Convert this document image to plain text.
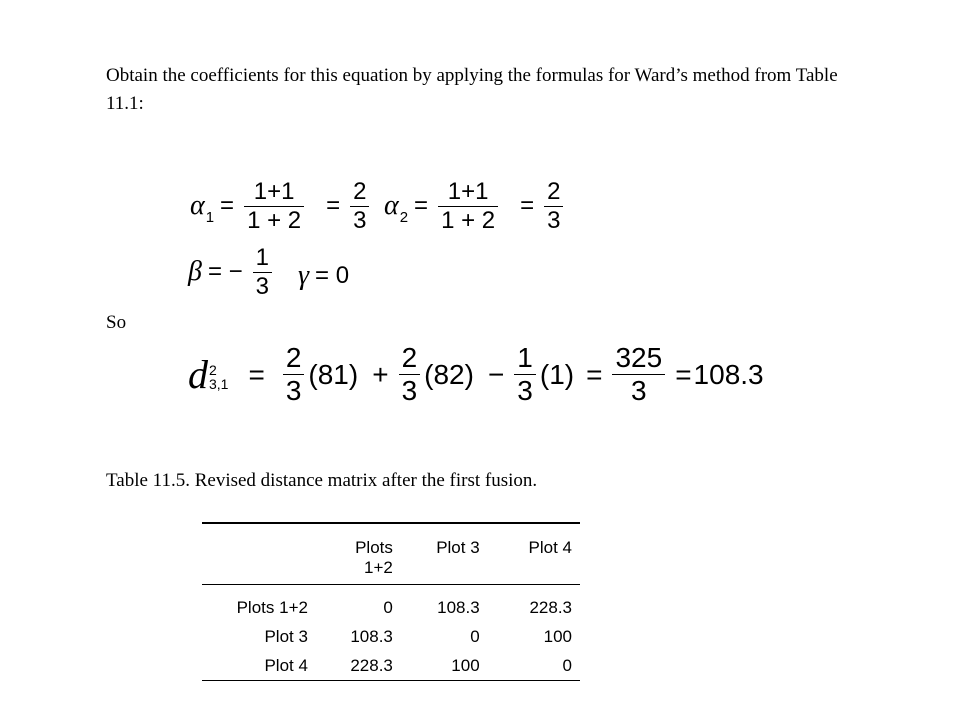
Obtain the coefficients for this equation by applying the formulas for Ward’s method from Table 11.1:
$\alpha_1 = \frac{1+1}{1 + 2} = \frac{2}{3} \alpha_2 = \frac{1+1}{1 + 2} = \frac{2}{3}$
β = − $\frac{1}{3}$ γ = 0
So
d 2
$3,1 = \frac{2}{3} (81) + \frac{2}{3} (82) - \frac{1}{3} (1) = \frac{325}{3} = 108.3$
Table 11.5. Revised distance matrix after the first fusion.
	Plots	Plot 3	Plot 4
	1+2		
Plots 1+2	0	108.3	228.3
Plot 3	108.3	0	100
Plot 4	228.3	100	0
